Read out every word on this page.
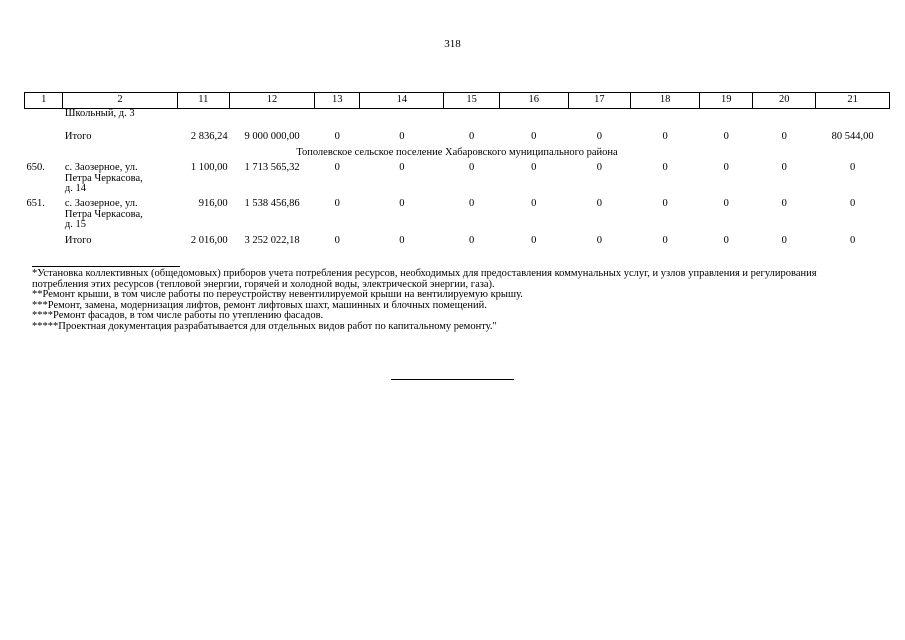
318
1	2	11	12	13	14	15	16	17	18	19	20	21
	Школьный, д. 3											
	Итого	2 836,24	9 000 000,00	0	0	0	0	0	0	0	0	80 544,00
Тополевское сельское поселение Хабаровского муниципального района												
650.	с. Заозерное, ул.
Петра Черкасова,
д. 14	1 100,00	1 713 565,32	0	0	0	0	0	0	0	0	0
651.	с. Заозерное, ул.
Петра Черкасова,
д. 15	916,00	1 538 456,86	0	0	0	0	0	0	0	0	0
	Итого	2 016,00	3 252 022,18	0	0	0	0	0	0	0	0	0

*Установка коллективных (общедомовых) приборов учета потребления ресурсов, необходимых для предоставления коммунальных услуг, и узлов управления и регулирования потребления этих ресурсов (тепловой энергии, горячей и холодной воды, электрической энергии, газа).

**Ремонт крыши, в том числе работы по переустройству невентилируемой крыши на вентилируемую крышу.

***Ремонт, замена, модернизация лифтов, ремонт лифтовых шахт, машинных и блочных помещений.

****Ремонт фасадов, в том числе работы по утеплению фасадов.

*****Проектная документация разрабатывается для отдельных видов работ по капитальному ремонту."
